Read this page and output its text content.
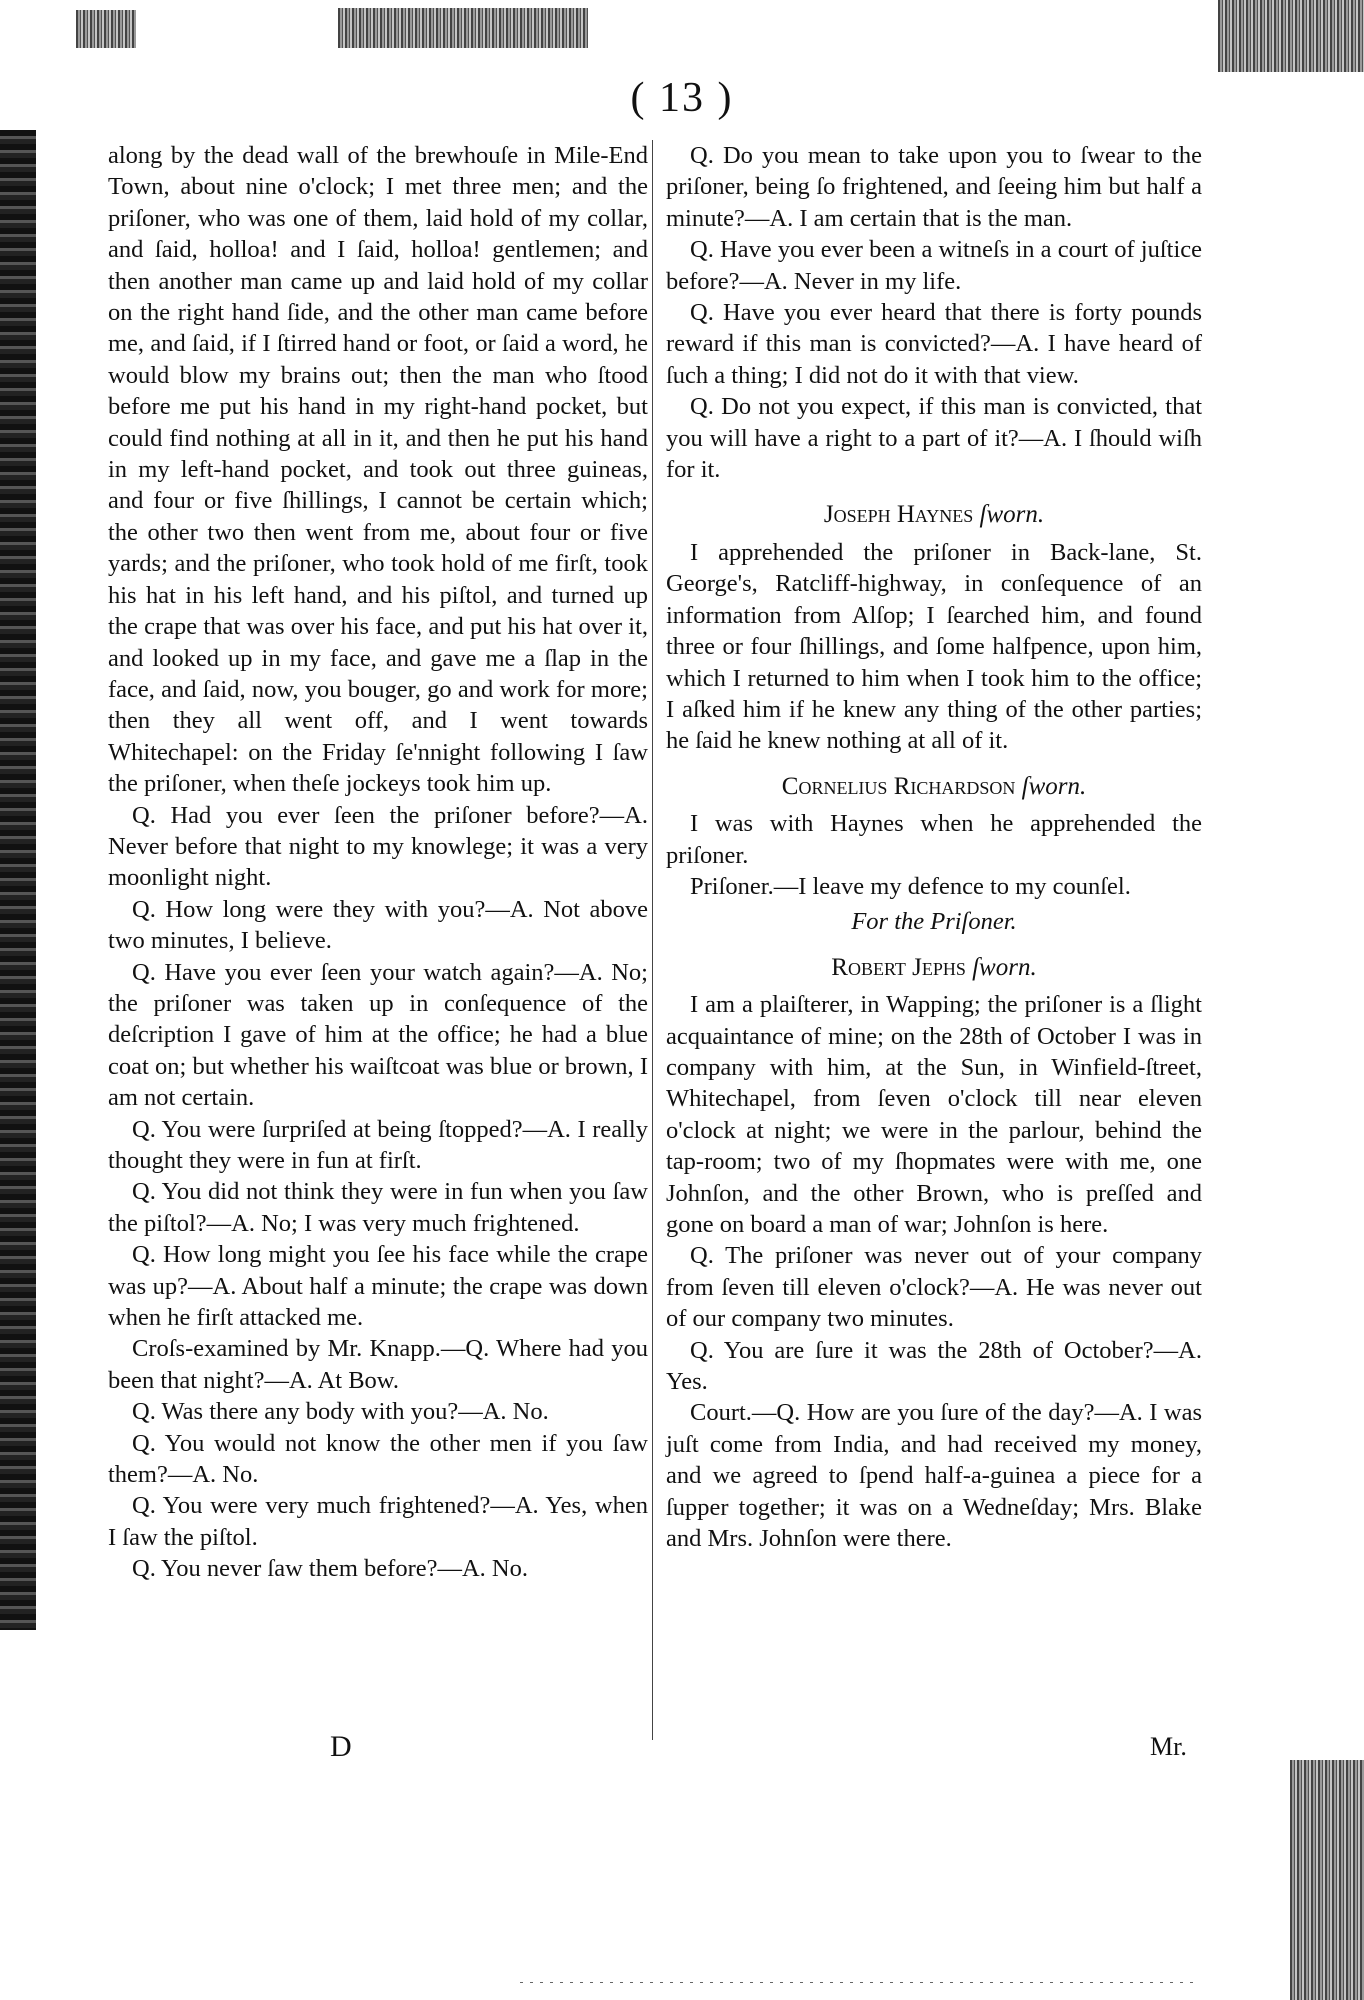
( 13 )

along by the dead wall of the brewhouſe in Mile-End Town, about nine o'clock; I met three men; and the priſoner, who was one of them, laid hold of my collar, and ſaid, holloa! and I ſaid, holloa! gentlemen; and then another man came up and laid hold of my collar on the right hand ſide, and the other man came before me, and ſaid, if I ſtirred hand or foot, or ſaid a word, he would blow my brains out; then the man who ſtood before me put his hand in my right-hand pocket, but could find nothing at all in it, and then he put his hand in my left-hand pocket, and took out three guineas, and four or five ſhillings, I cannot be certain which; the other two then went from me, about four or five yards; and the priſoner, who took hold of me firſt, took his hat in his left hand, and his piſtol, and turned up the crape that was over his face, and put his hat over it, and looked up in my face, and gave me a ſlap in the face, and ſaid, now, you bouger, go and work for more; then they all went off, and I went towards Whitechapel: on the Friday ſe'nnight following I ſaw the priſoner, when theſe jockeys took him up.

Q. Had you ever ſeen the priſoner before?—A. Never before that night to my knowlege; it was a very moonlight night.

Q. How long were they with you?—A. Not above two minutes, I believe.

Q. Have you ever ſeen your watch again?—A. No; the priſoner was taken up in conſequence of the deſcription I gave of him at the office; he had a blue coat on; but whether his waiſtcoat was blue or brown, I am not certain.

Q. You were ſurpriſed at being ſtopped?—A. I really thought they were in fun at firſt.

Q. You did not think they were in fun when you ſaw the piſtol?—A. No; I was very much frightened.

Q. How long might you ſee his face while the crape was up?—A. About half a minute; the crape was down when he firſt attacked me.

Croſs-examined by Mr. Knapp.—Q. Where had you been that night?—A. At Bow.

Q. Was there any body with you?—A. No.

Q. You would not know the other men if you ſaw them?—A. No.

Q. You were very much frightened?—A. Yes, when I ſaw the piſtol.

Q. You never ſaw them before?—A. No.

Q. Do you mean to take upon you to ſwear to the priſoner, being ſo frightened, and ſeeing him but half a minute?—A. I am certain that is the man.

Q. Have you ever been a witneſs in a court of juſtice before?—A. Never in my life.

Q. Have you ever heard that there is forty pounds reward if this man is convicted?—A. I have heard of ſuch a thing; I did not do it with that view.

Q. Do not you expect, if this man is convicted, that you will have a right to a part of it?—A. I ſhould wiſh for it.

Joseph Haynes ſworn.

I apprehended the priſoner in Back-lane, St. George's, Ratcliff-highway, in conſequence of an information from Alſop; I ſearched him, and found three or four ſhillings, and ſome halfpence, upon him, which I returned to him when I took him to the office; I aſked him if he knew any thing of the other parties; he ſaid he knew nothing at all of it.

Cornelius Richardson ſworn.

I was with Haynes when he apprehended the priſoner.

Priſoner.—I leave my defence to my counſel.

For the Priſoner.
Robert Jephs ſworn.

I am a plaiſterer, in Wapping; the priſoner is a ſlight acquaintance of mine; on the 28th of October I was in company with him, at the Sun, in Winfield-ſtreet, Whitechapel, from ſeven o'clock till near eleven o'clock at night; we were in the parlour, behind the tap-room; two of my ſhopmates were with me, one Johnſon, and the other Brown, who is preſſed and gone on board a man of war; Johnſon is here.

Q. The priſoner was never out of your company from ſeven till eleven o'clock?—A. He was never out of our company two minutes.

Q. You are ſure it was the 28th of October?—A. Yes.

Court.—Q. How are you ſure of the day?—A. I was juſt come from India, and had received my money, and we agreed to ſpend half-a-guinea a piece for a ſupper together; it was on a Wedneſday; Mrs. Blake and Mrs. Johnſon were there.

D	Mr.
